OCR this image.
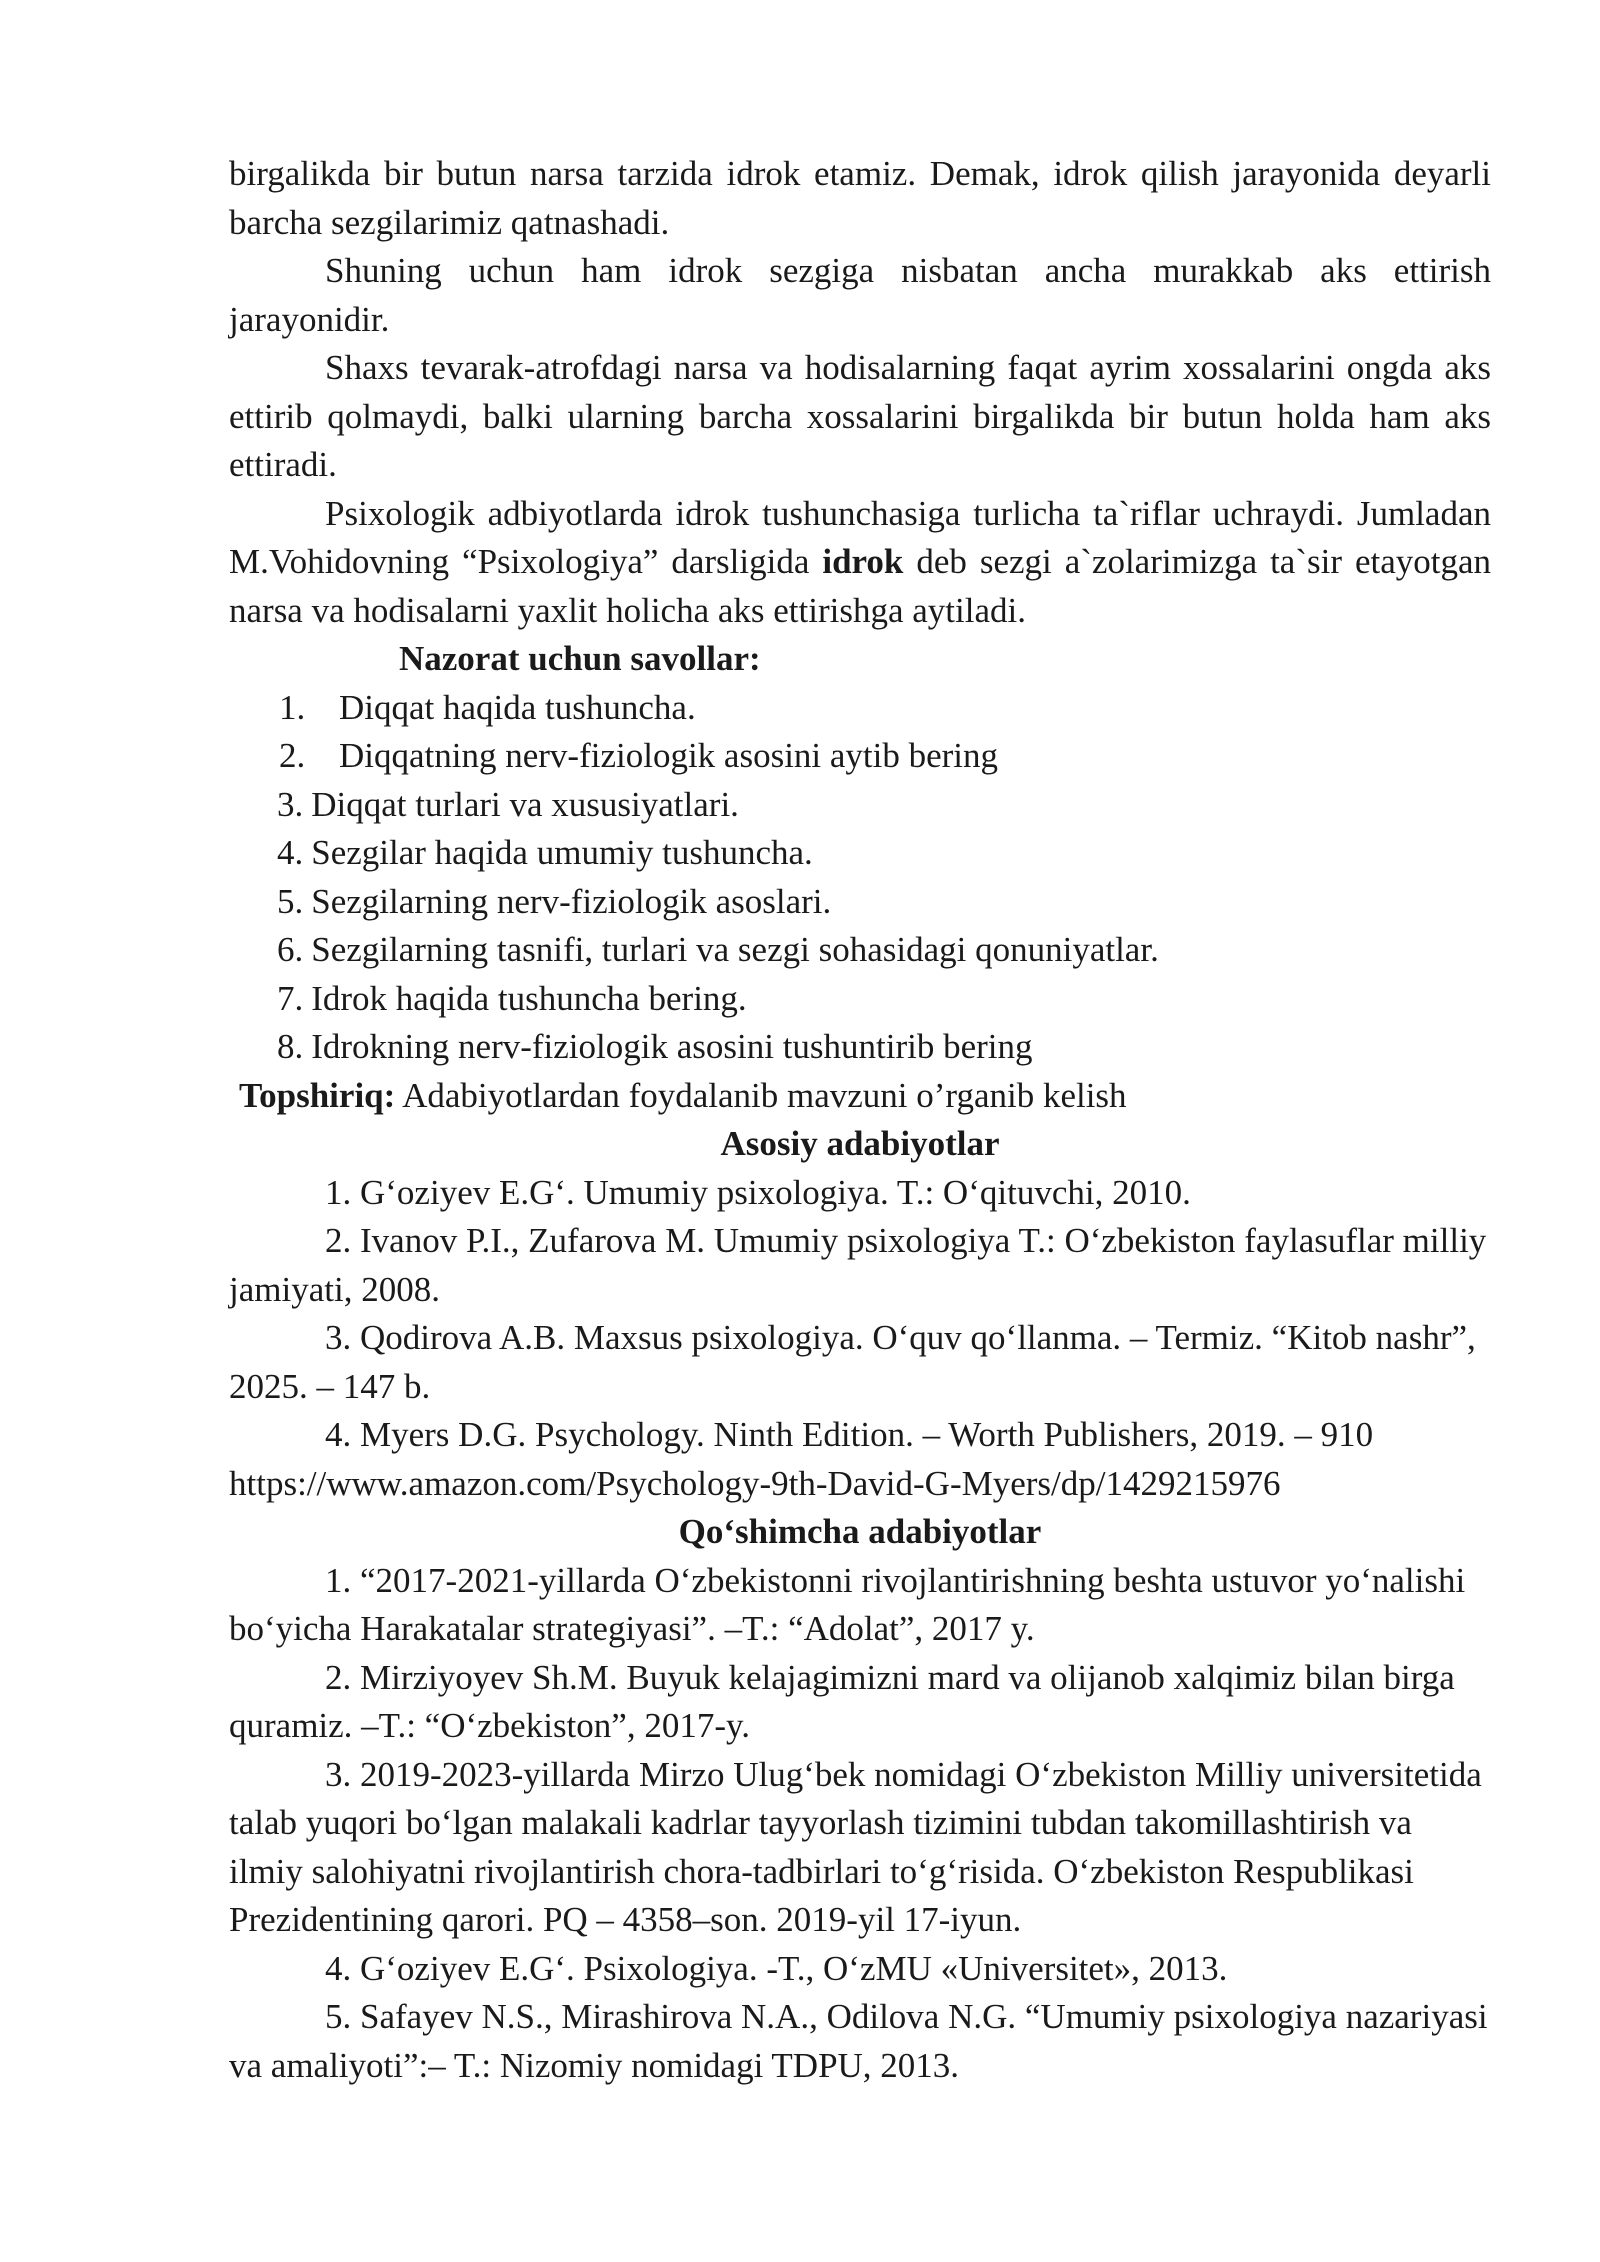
birgalikda bir butun narsa tarzida idrok etamiz. Demak, idrok qilish jarayonida deyarli barcha sezgilarimiz qatnashadi.

Shuning uchun ham idrok sezgiga nisbatan ancha murakkab aks ettirish jarayonidir.

Shaxs tevarak-atrofdagi narsa va hodisalarning faqat ayrim xossalarini ongda aks ettirib qolmaydi, balki ularning barcha xossalarini birgalikda bir butun holda ham aks ettiradi.

Psixologik adbiyotlarda idrok tushunchasiga turlicha ta`riflar uchraydi. Jumladan M.Vohidovning “Psixologiya” darsligida idrok deb sezgi a`zolarimizga ta`sir etayotgan narsa va hodisalarni yaxlit holicha aks ettirishga aytiladi.

Nazorat uchun savollar:

1. Diqqat haqida tushuncha.
2. Diqqatning nerv-fiziologik asosini aytib bering
3. Diqqat turlari va xususiyatlari.
4. Sezgilar haqida umumiy tushuncha.
5. Sezgilarning nerv-fiziologik asoslari.
6. Sezgilarning tasnifi, turlari va sezgi sohasidagi qonuniyatlar.
7. Idrok haqida tushuncha bering.
8. Idrokning nerv-fiziologik asosini tushuntirib bering

Topshiriq: Adabiyotlardan foydalanib mavzuni o’rganib kelish

Asosiy adabiyotlar

1. G‘oziyev E.G‘. Umumiy psixologiya. T.: O‘qituvchi, 2010.

2. Ivanov P.I., Zufarova M. Umumiy psixologiya T.: O‘zbekiston faylasuflar milliy jamiyati, 2008.

3. Qodirova A.B. Maxsus psixologiya. O‘quv qo‘llanma. – Termiz. “Kitob nashr”, 2025. – 147 b.

4. Myers D.G. Psychology. Ninth Edition. – Worth Publishers, 2019. – 910 https://www.amazon.com/Psychology-9th-David-G-Myers/dp/1429215976

Qo‘shimcha adabiyotlar

1. “2017-2021-yillarda O‘zbekistonni rivojlantirishning beshta ustuvor yo‘nalishi bo‘yicha Harakatalar strategiyasi”. –T.: “Adolat”, 2017 y.

2. Mirziyoyev Sh.M. Buyuk kelajagimizni mard va olijanob xalqimiz bilan birga quramiz. –T.: “O‘zbekiston”, 2017-y.

3. 2019-2023-yillarda Mirzo Ulug‘bek nomidagi O‘zbekiston Milliy universitetida talab yuqori bo‘lgan malakali kadrlar tayyorlash tizimini tubdan takomillashtirish va ilmiy salohiyatni rivojlantirish chora-tadbirlari to‘g‘risida. O‘zbekiston Respublikasi Prezidentining qarori. PQ – 4358–son. 2019-yil 17-iyun.

4. G‘oziyev E.G‘. Psixologiya. -T., O‘zMU «Universitet», 2013.

5. Safayev N.S., Mirashirova N.A., Odilova N.G. “Umumiy psixologiya nazariyasi va amaliyoti”:– T.: Nizomiy nomidagi TDPU, 2013.
